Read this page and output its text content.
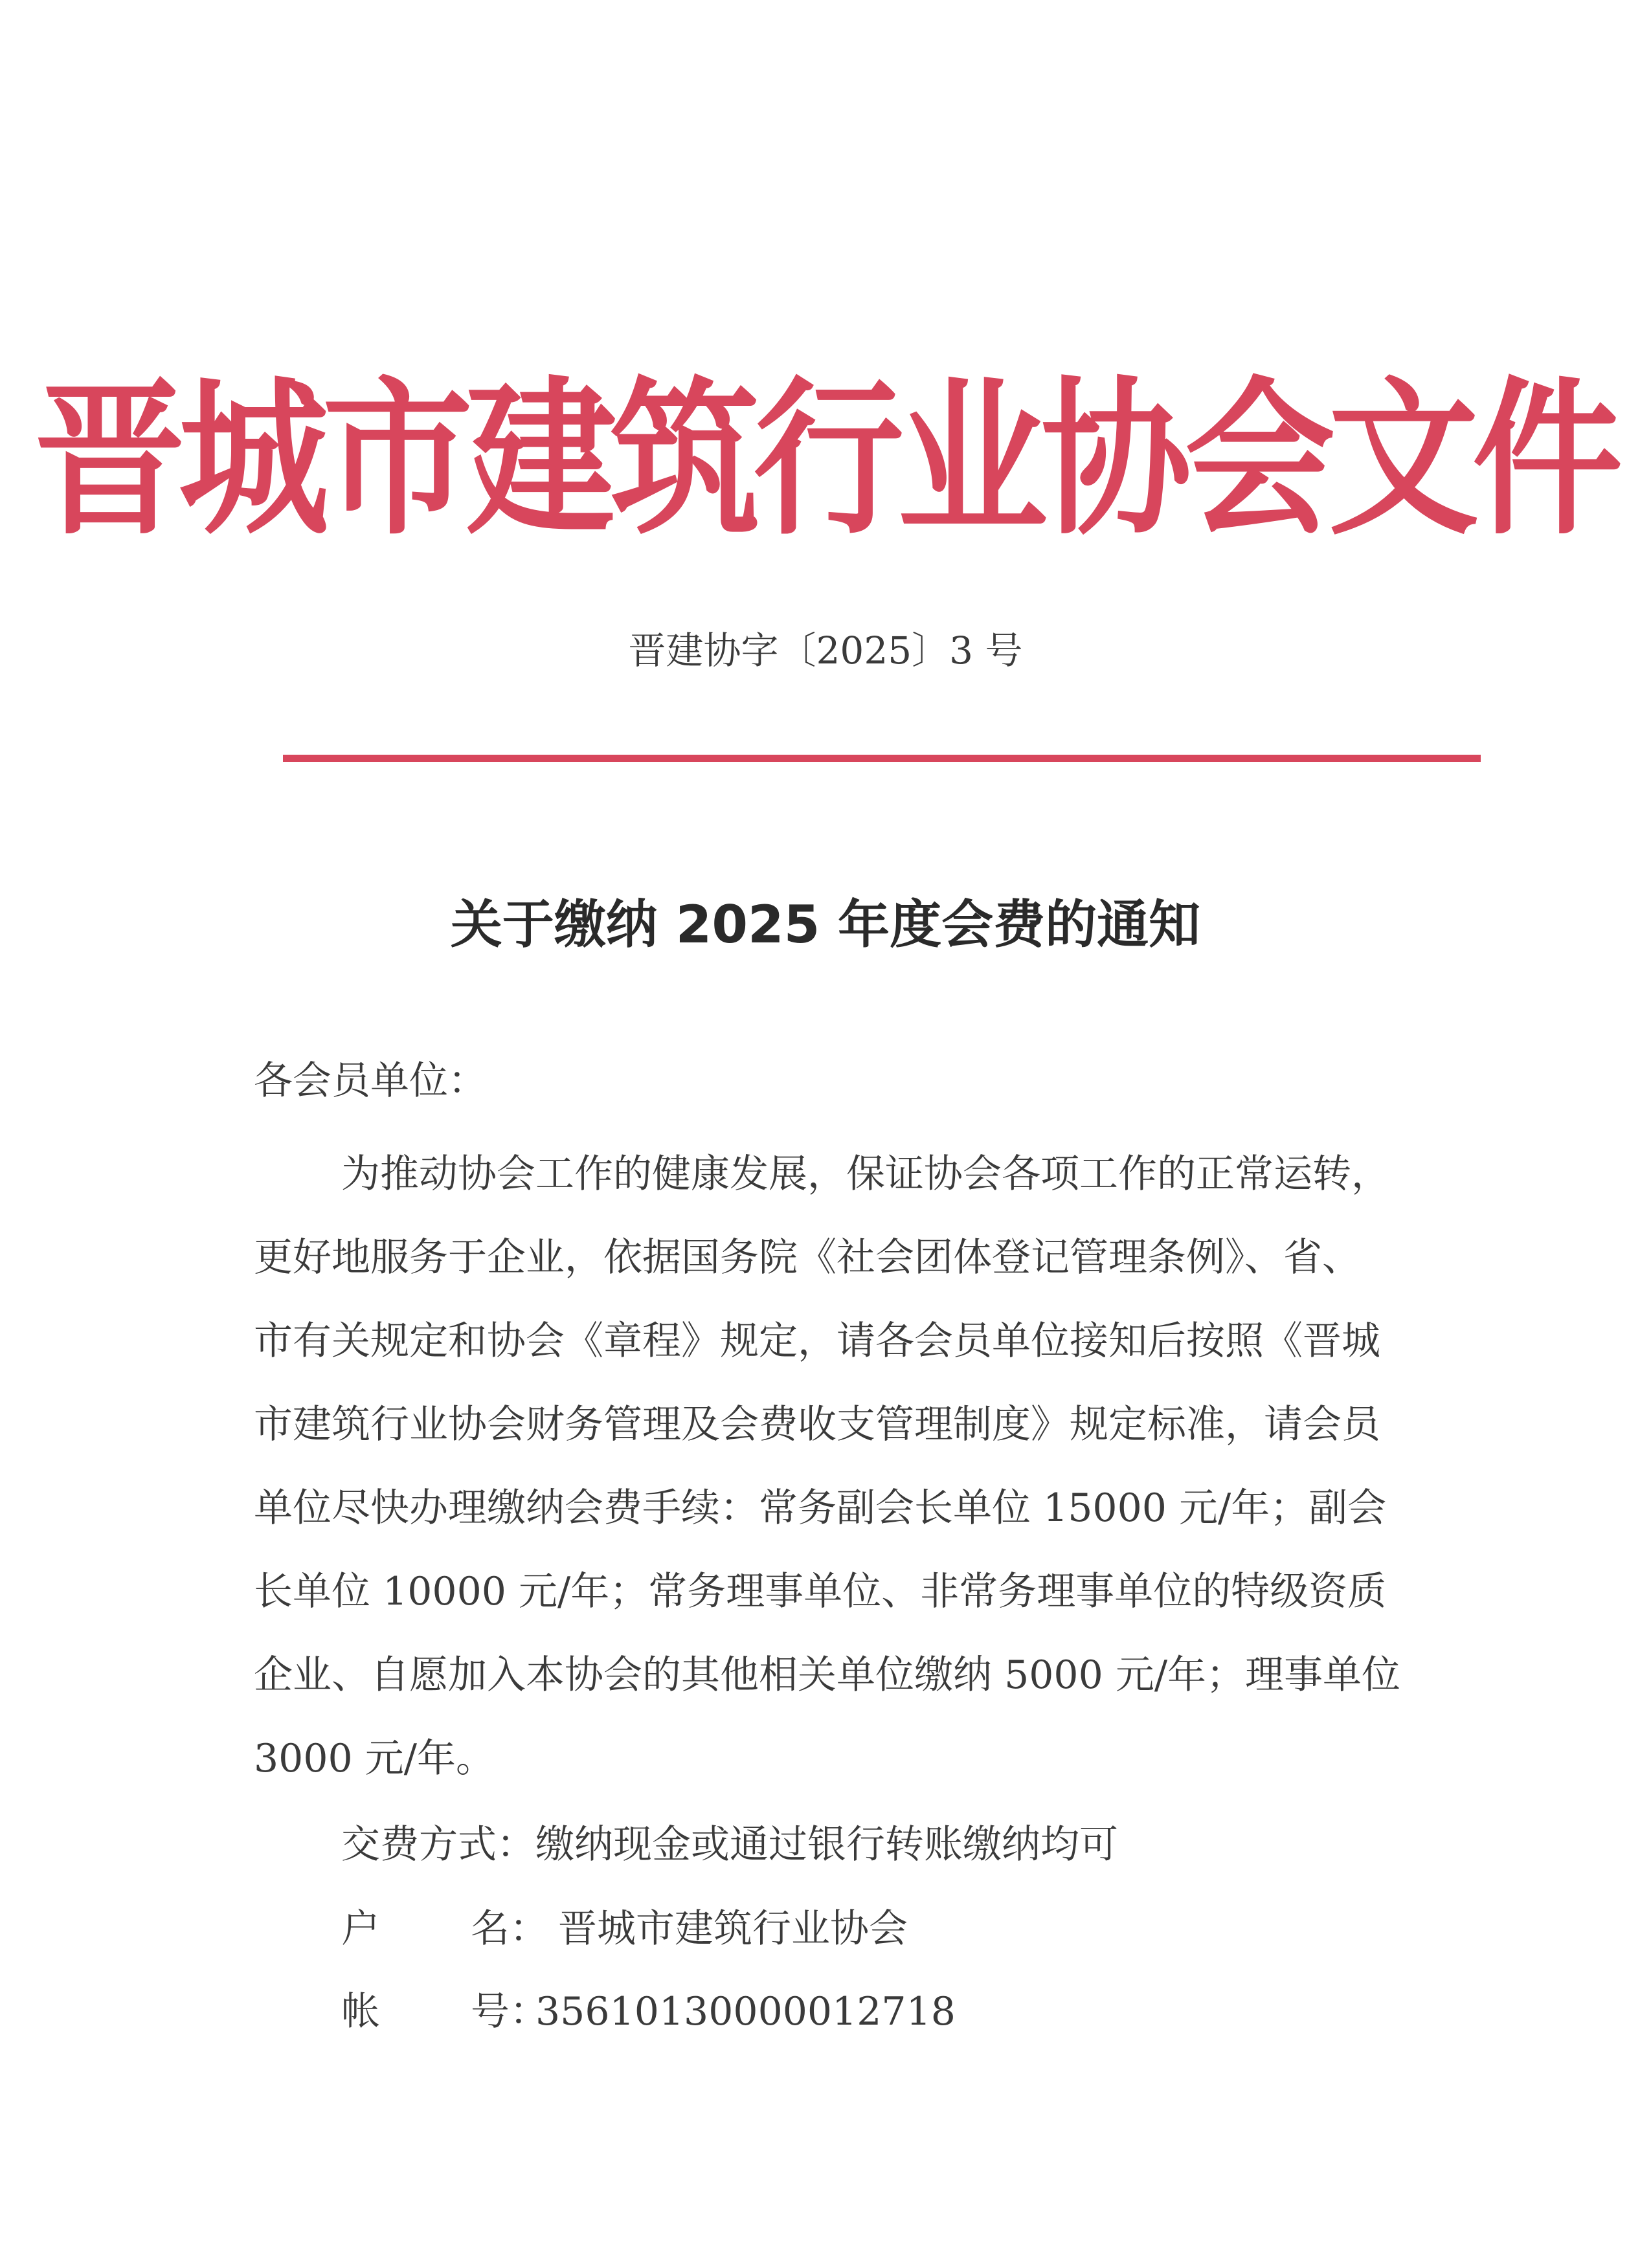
晋城市建筑行业协会文件
晋建协字〔2025〕3 号
关于缴纳 2025 年度会费的通知
各会员单位：
为推动协会工作的健康发展，保证协会各项工作的正常运转，
更好地服务于企业，依据国务院《社会团体登记管理条例》、省、
市有关规定和协会《章程》规定，请各会员单位接知后按照《晋城
市建筑行业协会财务管理及会费收支管理制度》规定标准，请会员
单位尽快办理缴纳会费手续：常务副会长单位 15000 元/年；副会
长单位 10000 元/年；常务理事单位、非常务理事单位的特级资质
企业、自愿加入本协会的其他相关单位缴纳 5000 元/年；理事单位
3000 元/年。
交费方式：缴纳现金或通过银行转账缴纳均可
户 名： 晋城市建筑行业协会
帐 号：35610130000012718
